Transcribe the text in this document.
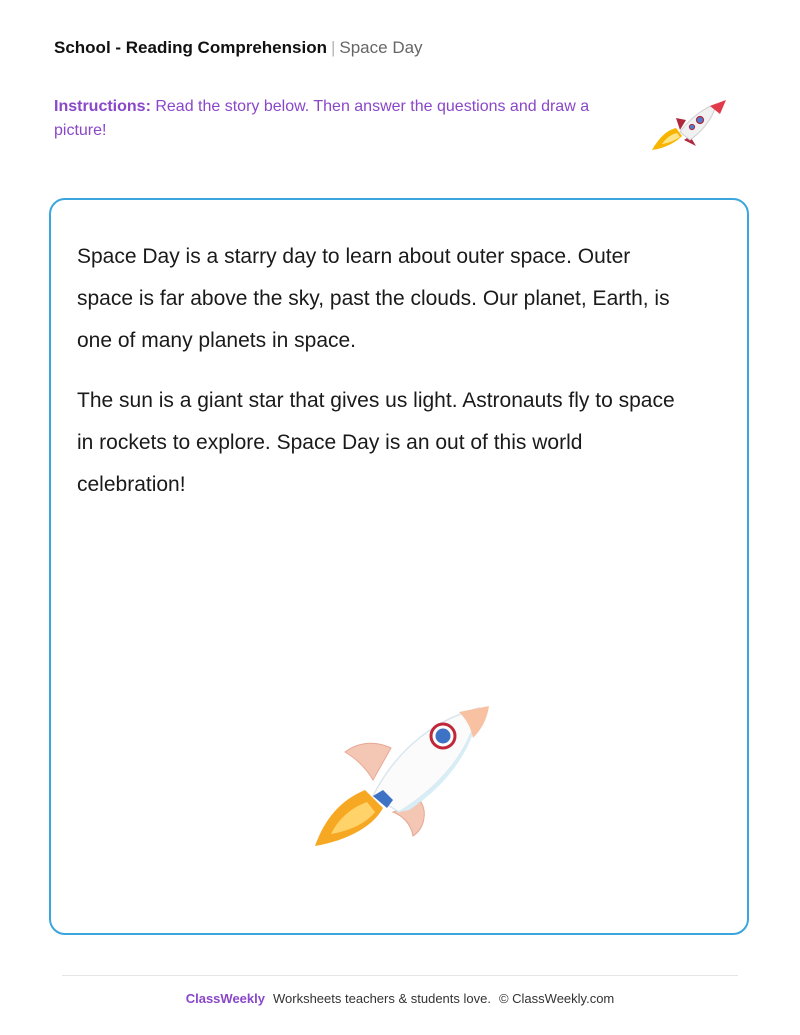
School - Reading Comprehension | Space Day
Instructions: Read the story below. Then answer the questions and draw a picture!

Space Day is a starry day to learn about outer space. Outer space is far above the sky, past the clouds. Our planet, Earth, is one of many planets in space.

The sun is a giant star that gives us light. Astronauts fly to space in rockets to explore. Space Day is an out of this world celebration!

ClassWeekly Worksheets teachers & students love. © ClassWeekly.com
